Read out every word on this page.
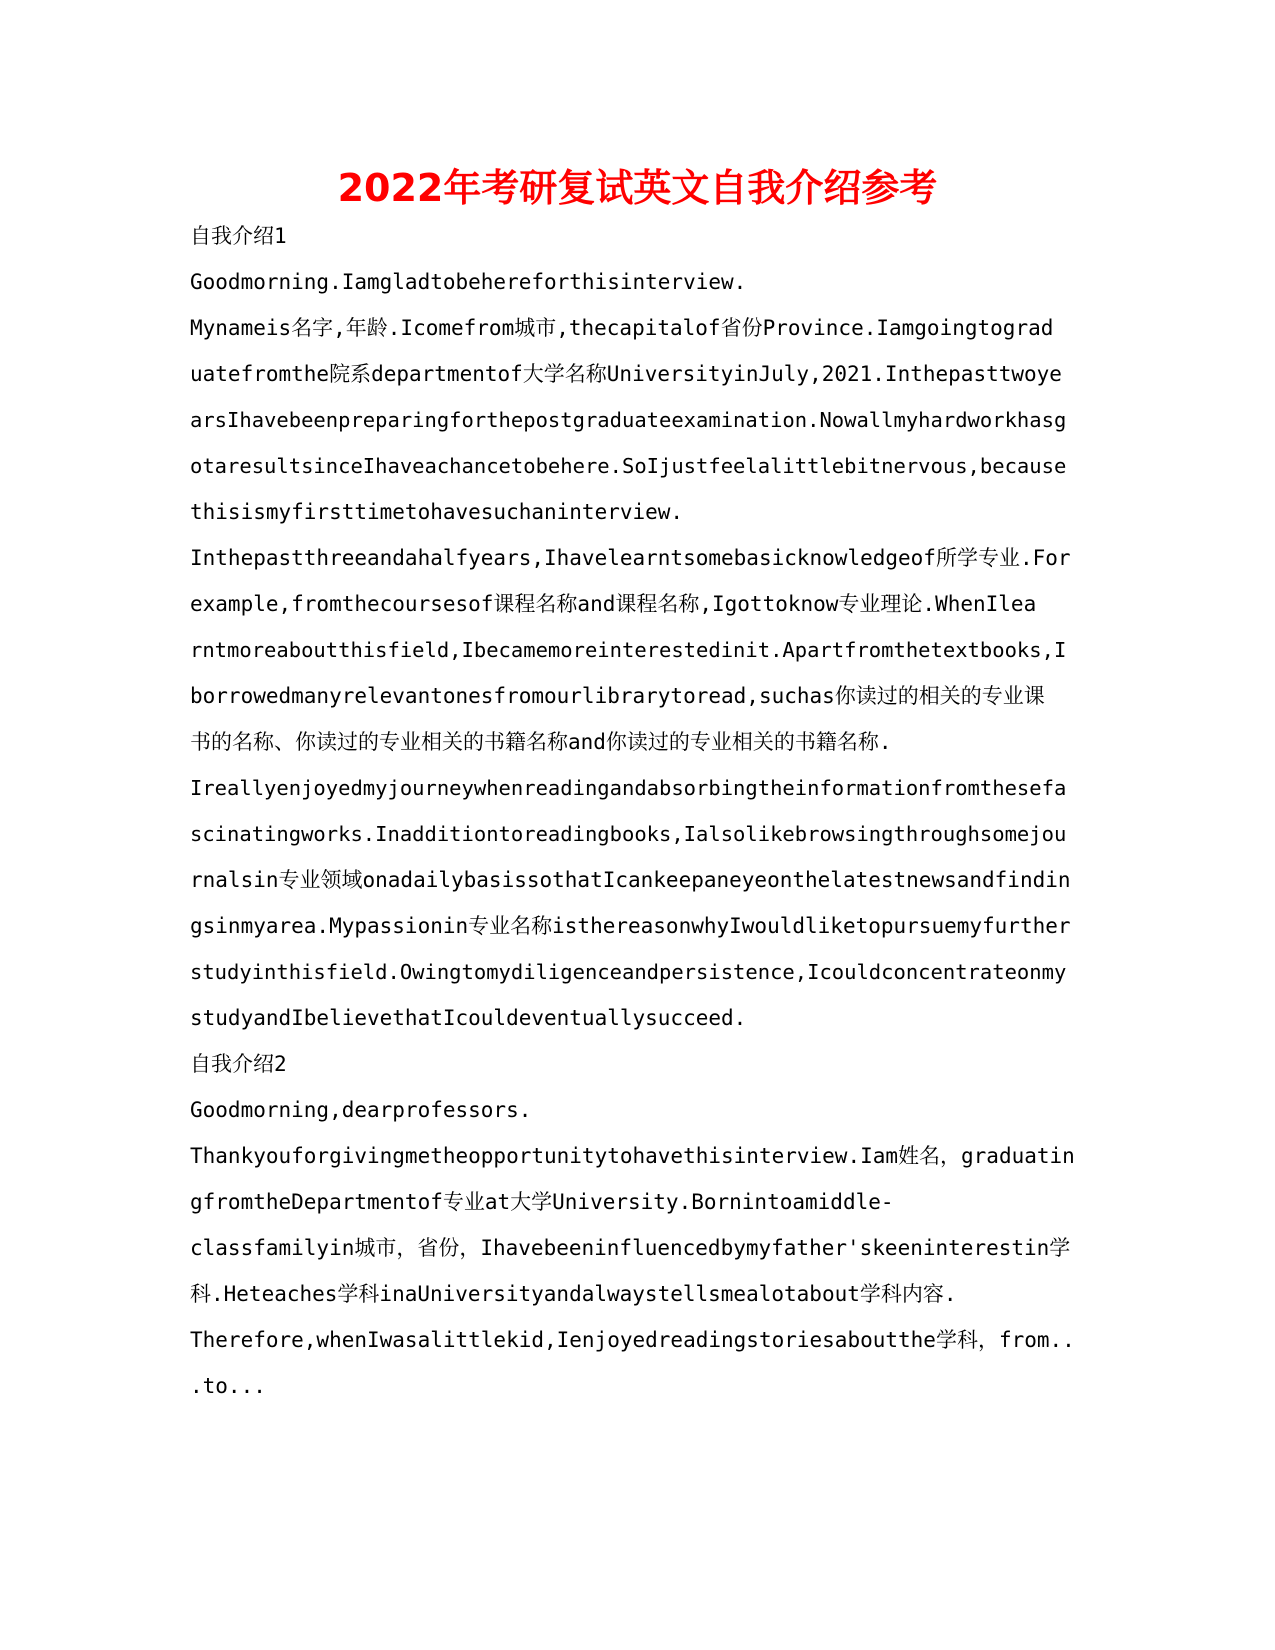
2022年考研复试英文自我介绍参考

自我介绍1

Goodmorning.Iamgladtobehereforthisinterview.

Mynameis名字,年龄.Icomefrom城市,thecapitalof省份Province.Iamgoingtograd

uatefromthe院系departmentof大学名称UniversityinJuly,2021.Inthepasttwoye

arsIhavebeenpreparingforthepostgraduateexamination.Nowallmyhardworkhasg

otaresultsinceIhaveachancetobehere.SoIjustfeelalittlebitnervous,because

thisismyfirsttimetohavesuchaninterview.

Inthepastthreeandahalfyears,Ihavelearntsomebasicknowledgeof所学专业.For

example,fromthecoursesof课程名称and课程名称,Igottoknow专业理论.WhenIlea

rntmoreaboutthisfield,Ibecamemoreinterestedinit.Apartfromthetextbooks,I

borrowedmanyrelevantonesfromourlibrarytoread,suchas你读过的相关的专业课

书的名称、你读过的专业相关的书籍名称and你读过的专业相关的书籍名称.

Ireallyenjoyedmyjourneywhenreadingandabsorbingtheinformationfromthesefa

scinatingworks.Inadditiontoreadingbooks,Ialsolikebrowsingthroughsomejou

rnalsin专业领域onadailybasissothatIcankeepaneyeonthelatestnewsandfindin

gsinmyarea.Mypassionin专业名称isthereasonwhyIwouldliketopursuemyfurther

studyinthisfield.Owingtomydiligenceandpersistence,Icouldconcentrateonmy

studyandIbelievethatIcouldeventuallysucceed.

自我介绍2

Goodmorning,dearprofessors.

Thankyouforgivingmetheopportunitytohavethisinterview.Iam姓名，graduatin

gfromtheDepartmentof专业at大学University.Bornintoamiddle-

classfamilyin城市，省份，Ihavebeeninfluencedbymyfather'skeeninterestin学

科.Heteaches学科inaUniversityandalwaystellsmealotabout学科内容.

Therefore,whenIwasalittlekid,Ienjoyedreadingstoriesaboutthe学科，from..

.to...
